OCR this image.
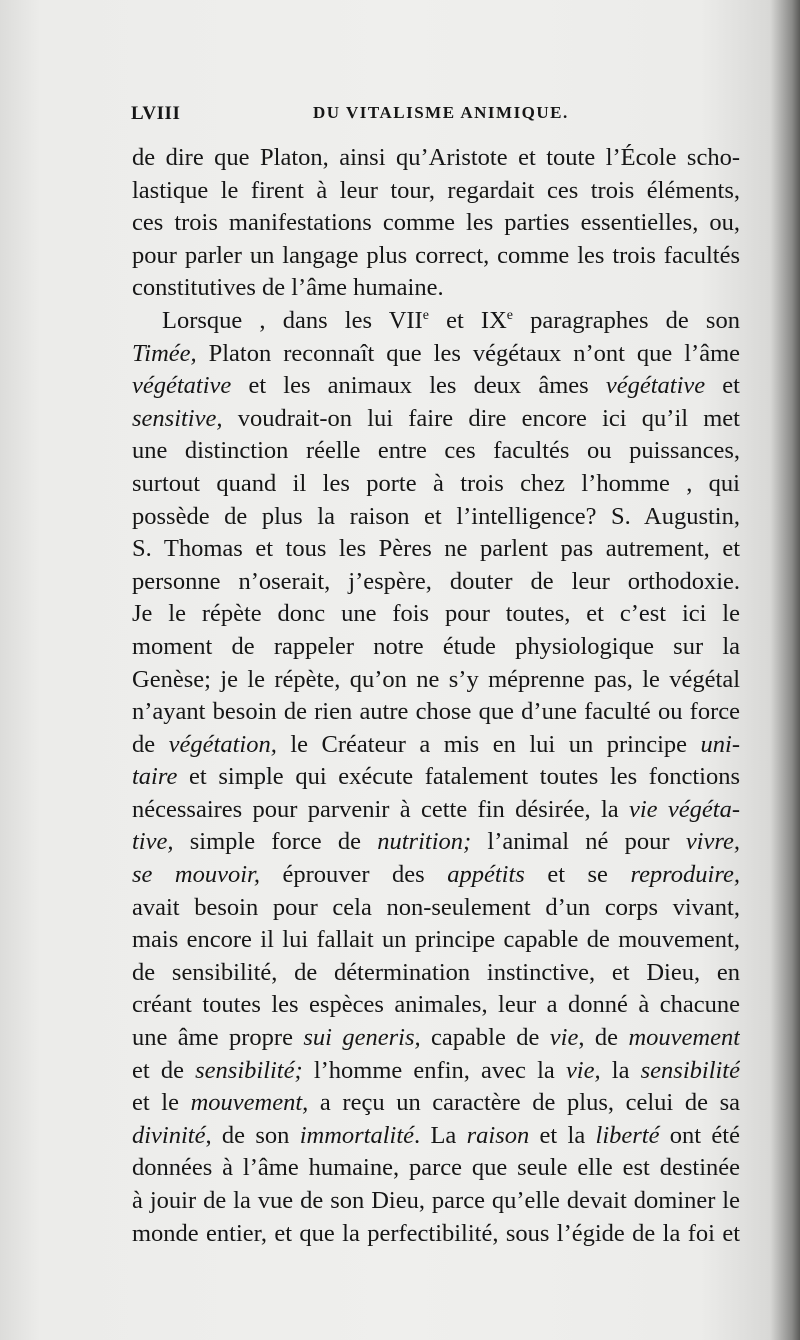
LVIII	DU VITALISME ANIMIQUE.
de dire que Platon, ainsi qu’Aristote et toute l’École scho-
lastique le firent à leur tour, regardait ces trois éléments,
ces trois manifestations comme les parties essentielles, ou,
pour parler un langage plus correct, comme les trois facultés
constitutives de l’âme humaine.
Lorsque , dans les VIIe et IXe paragraphes de son
Timée, Platon reconnaît que les végétaux n’ont que l’âme
végétative et les animaux les deux âmes végétative et
sensitive, voudrait-on lui faire dire encore ici qu’il met
une distinction réelle entre ces facultés ou puissances,
surtout quand il les porte à trois chez l’homme , qui
possède de plus la raison et l’intelligence? S. Augustin,
S. Thomas et tous les Pères ne parlent pas autrement, et
personne n’oserait, j’espère, douter de leur orthodoxie.
Je le répète donc une fois pour toutes, et c’est ici le
moment de rappeler notre étude physiologique sur la
Genèse; je le répète, qu’on ne s’y méprenne pas, le végétal
n’ayant besoin de rien autre chose que d’une faculté ou force
de végétation, le Créateur a mis en lui un principe uni-
taire et simple qui exécute fatalement toutes les fonctions
nécessaires pour parvenir à cette fin désirée, la vie végéta-
tive, simple force de nutrition; l’animal né pour vivre,
se mouvoir, éprouver des appétits et se reproduire,
avait besoin pour cela non-seulement d’un corps vivant,
mais encore il lui fallait un principe capable de mouvement,
de sensibilité, de détermination instinctive, et Dieu, en
créant toutes les espèces animales, leur a donné à chacune
une âme propre sui generis, capable de vie, de mouvement
et de sensibilité; l’homme enfin, avec la vie, la sensibilité
et le mouvement, a reçu un caractère de plus, celui de sa
divinité, de son immortalité. La raison et la liberté ont été
données à l’âme humaine, parce que seule elle est destinée
à jouir de la vue de son Dieu, parce qu’elle devait dominer le
monde entier, et que la perfectibilité, sous l’égide de la foi et
